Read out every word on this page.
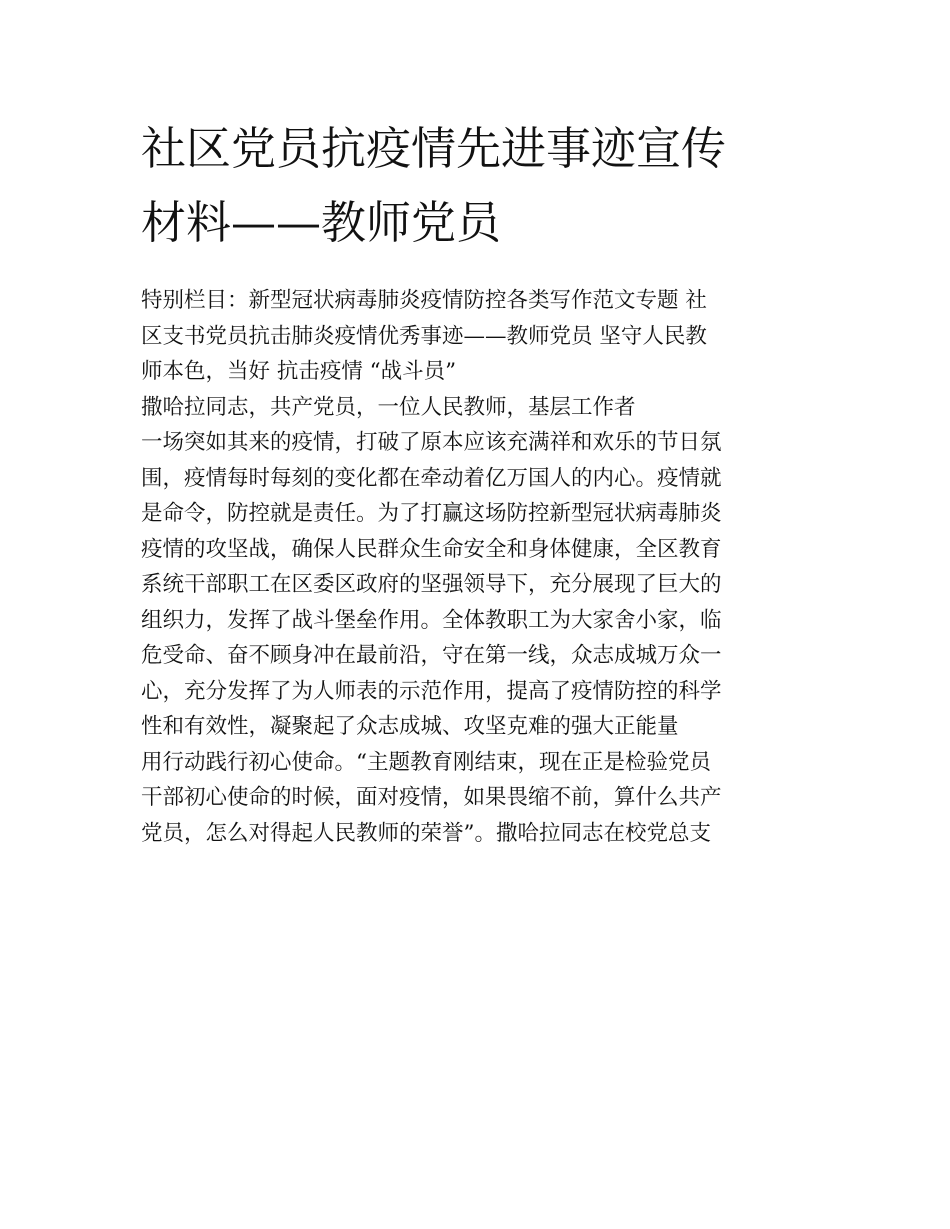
社区党员抗疫情先进事迹宣传
材料——教师党员
特别栏目：新型冠状病毒肺炎疫情防控各类写作范文专题 社
区支书党员抗击肺炎疫情优秀事迹——教师党员 坚守人民教
师本色，当好 抗击疫情 “战斗员”
撒哈拉同志，共产党员，一位人民教师，基层工作者
一场突如其来的疫情，打破了原本应该充满祥和欢乐的节日氛
围，疫情每时每刻的变化都在牵动着亿万国人的内心。疫情就
是命令，防控就是责任。为了打赢这场防控新型冠状病毒肺炎
疫情的攻坚战，确保人民群众生命安全和身体健康，全区教育
系统干部职工在区委区政府的坚强领导下，充分展现了巨大的
组织力，发挥了战斗堡垒作用。全体教职工为大家舍小家，临
危受命、奋不顾身冲在最前沿，守在第一线，众志成城万众一
心，充分发挥了为人师表的示范作用，提高了疫情防控的科学
性和有效性，凝聚起了众志成城、攻坚克难的强大正能量
用行动践行初心使命。“主题教育刚结束，现在正是检验党员
干部初心使命的时候，面对疫情，如果畏缩不前，算什么共产
党员，怎么对得起人民教师的荣誉”。撒哈拉同志在校党总支
